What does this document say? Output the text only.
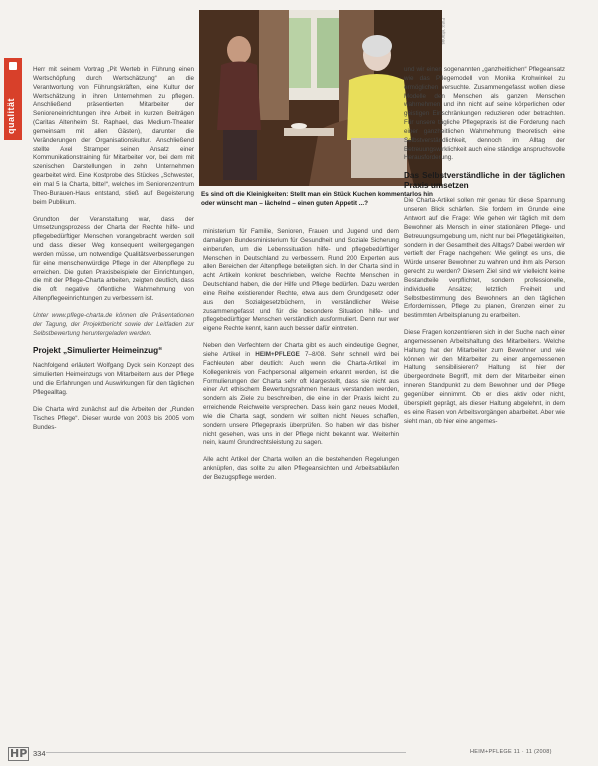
qualität
Foto: Vitanas
Es sind oft die Kleinigkeiten: Stellt man ein Stück Kuchen kommentarlos hin oder wünscht man – lächelnd – einen guten Appetit ...?

Herr mit seinem Vortrag „Pit Werteb in Führung einen Wertschöpfung durch Wertschätzung“ an die Verantwortung von Führungskräften, eine Kultur der Wertschätzung in ihren Unternehmen zu pflegen. Anschließend präsentierten Mitarbeiter der Senioreneinrichtungen ihre Arbeit in kurzen Beiträgen (Caritas Altenheim St. Raphael, das Medium-Theater gemeinsam mit allen Gästen), darunter die Veränderungen der Organisationskultur. Anschließend stellte Axel Stramper seinen Ansatz einer Kommunikationstraining für Mitarbeiter vor, bei dem mit szenischen Darstellungen in zehn Unternehmen gearbeitet wird. Eine Kostprobe des Stückes „Schwester, ein mal 5 la Charta, bitte!“, welches im Seniorenzentrum Theo-Burauen-Haus entstand, stieß auf Begeisterung beim Publikum.

Grundton der Veranstaltung war, dass der Umsetzungsprozess der Charta der Rechte hilfe- und pflegebedürftiger Menschen vorangebracht werden soll und dass dieser Weg konsequent weitergegangen werden müsse, um notwendige Qualitätsverbesserungen für eine menschenwürdige Pflege in der Altenpflege zu erreichen. Die guten Praxisbeispiele der Einrichtungen, die mit der Pflege-Charta arbeiten, zeigten deutlich, dass die oft negative öffentliche Wahrnehmung von Altenpflegeeinrichtungen zu verbessern ist.

Unter www.pflege-charta.de können die Präsentationen der Tagung, der Projektbericht sowie der Leitfaden zur Selbstbewertung heruntergeladen werden.

Projekt „Simulierter Heimeinzug“

Nachfolgend erläutert Wolfgang Dyck sein Konzept des simulierten Heimeinzugs von Mitarbeitern aus der Pflege und die Erfahrungen und Auswirkungen für den täglichen Pflegealltag.

Die Charta wird zunächst auf die Arbeiten der „Runden Tisches Pflege“. Dieser wurde von 2003 bis 2005 vom Bundes-

ministerium für Familie, Senioren, Frauen und Jugend und dem damaligen Bundesministerium für Gesundheit und Soziale Sicherung einberufen, um die Lebenssituation hilfe- und pflegebedürftiger Menschen in Deutschland zu verbessern. Rund 200 Experten aus allen Bereichen der Altenpflege beteiligten sich. In der Charta sind in acht Artikeln konkret beschrieben, welche Rechte Menschen in Deutschland haben, die der Hilfe und Pflege bedürfen. Dazu werden eine Reihe existierender Rechte, etwa aus dem Grundgesetz oder aus den Sozialgesetzbüchern, in verständlicher Weise zusammengefasst und für die besondere Situation hilfe- und pflegebedürftiger Menschen verständlich ausformuliert. Denn nur wer eigene Rechte kennt, kann auch besser dafür eintreten.

Neben den Verfechtern der Charta gibt es auch eindeutige Gegner, siehe Artikel in HEIM+PFLEGE 7–8/08. Sehr schnell wird bei Fachleuten aber deutlich: Auch wenn die Charta-Artikel im Kollegenkreis von Fachpersonal allgemein erkannt werden, ist die Formulierungen der Charta sehr oft klargestellt, dass sie nicht aus einer Art ethischem Bewertungsrahmen heraus verstanden werden, sondern als Ziele zu beschreiben, die eine in der Praxis leicht zu erreichende Reichweite versprechen. Dass kein ganz neues Modell, wie die Charta sagt, sondern wir sollten nicht Neues schaffen, sondern unsere Pflegepraxis überprüfen. So haben wir das bisher nicht gesehen, was uns in der Pflege nicht bekannt war. Weiterhin nein, kaum! Grundrechtsleistung zu sagen.

Alle acht Artikel der Charta wollen an die bestehenden Regelungen anknüpfen, das sollte zu allen Pflegeansichten und Arbeitsabläufen der Bezugspflege werden.

und wir einen sogenannten „ganzheitlichen“ Pflegeansatz wie das Pflegemodell von Monika Krohwinkel zu ermöglichen versuchte. Zusammengefasst wollen diese Modelle den Menschen als ganzen Menschen wahrnehmen und ihn nicht auf seine körperlichen oder geistigen Einschränkungen reduzieren oder betrachten. Für unsere tägliche Pflegepraxis ist die Forderung nach einer ganzheitlichen Wahrnehmung theoretisch eine Selbstverständlichkeit, dennoch im Alltag der Betreuungswirklichkeit auch eine ständige anspruchsvolle Herausforderung.

Das Selbstverständliche in der täglichen Praxis umsetzen

Die Charta-Artikel sollen mir genau für diese Spannung unseren Blick schärfen. Sie fordern im Grunde eine Antwort auf die Frage: Wie gehen wir täglich mit dem Bewohner als Mensch in einer stationären Pflege- und Betreuungsumgebung um, nicht nur bei Pflegetätigkeiten, sondern in der Gesamtheit des Alltags? Dabei werden wir vertieft der Frage nachgehen: Wie gelingt es uns, die Würde unserer Bewohner zu wahren und ihm als Person gerecht zu werden? Diesem Ziel sind wir vielleicht keine Bestandteile verpflichtet, sondern professionelle, individuelle Ansätze; letztlich Freiheit und Selbstbestimmung des Bewohners an den täglichen Erfordernissen, Pflege zu planen, Grenzen einer zu bestimmten Arbeitsplanung zu erarbeiten.

Diese Fragen konzentrieren sich in der Suche nach einer angemessenen Arbeitshaltung des Mitarbeiters. Welche Haltung hat der Mitarbeiter zum Bewohner und wie können wir den Mitarbeiter zu einer angemessenen Haltung sensibilisieren? Haltung ist hier der übergeordnete Begriff, mit dem der Mitarbeiter einen inneren Standpunkt zu dem Bewohner und der Pflege gegenüber einnimmt. Ob er dies aktiv oder nicht, überspielt geprägt, als dieser Haltung abgelehnt, in dem es eine Rasen von Arbeitsvorgängen abarbeitet. Aber wie sieht man, ob hier eine angemes-

HP 334	HEIM+PFLEGE 11 · 11 (2008)
